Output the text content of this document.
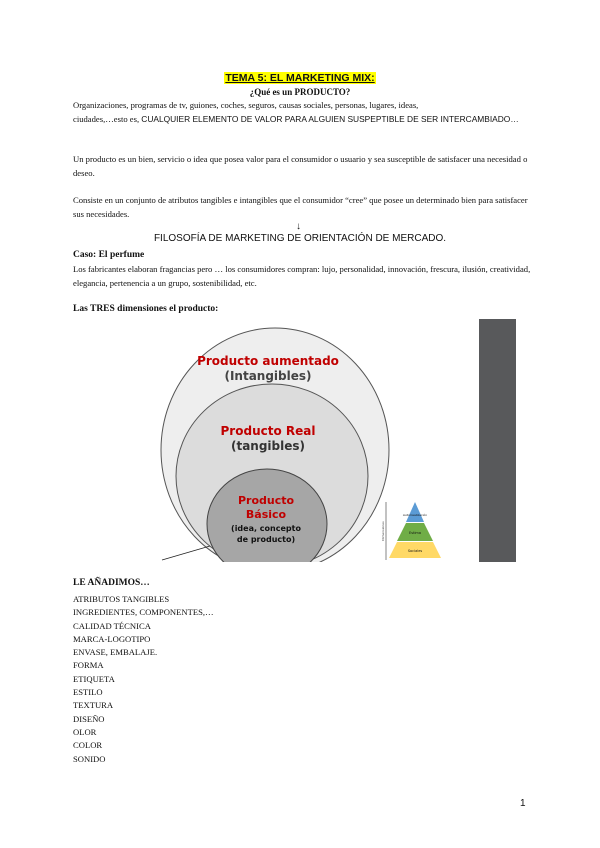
TEMA 5: EL MARKETING MIX:
¿Qué es un PRODUCTO?
Organizaciones, programas de tv, guiones, coches, seguros, causas sociales, personas, lugares, ideas,
ciudades,…esto es, CUALQUIER ELEMENTO DE VALOR PARA ALGUIEN SUSPEPTIBLE DE SER INTERCAMBIADO…
Un producto es un bien, servicio o idea que posea valor para el consumidor o usuario y sea susceptible de satisfacer una necesidad o deseo.
Consiste en un conjunto de atributos tangibles e intangibles que el consumidor “cree” que posee un determinado bien para satisfacer sus necesidades.
↓
FILOSOFÍA DE MARKETING DE ORIENTACIÓN DE MERCADO.
Caso: El perfume
Los fabricantes elaboran fragancias pero … los consumidores compran: lujo, personalidad, innovación, frescura, ilusión, creatividad, elegancia, pertenencia a un grupo, sostenibilidad, etc.
Las TRES dimensiones el producto:
Producto aumentado
(Intangibles)
Producto Real
(tangibles)
Producto
Básico
(idea, concepto
de producto)	Dimensiones
Autorrealización
Estima
Sociales
LE AÑADIMOS…
ATRIBUTOS TANGIBLES
INGREDIENTES, COMPONENTES,…
CALIDAD TÉCNICA
MARCA-LOGOTIPO
ENVASE, EMBALAJE.
FORMA
ETIQUETA
ESTILO
TEXTURA
DISEÑO
OLOR
COLOR
SONIDO
1
